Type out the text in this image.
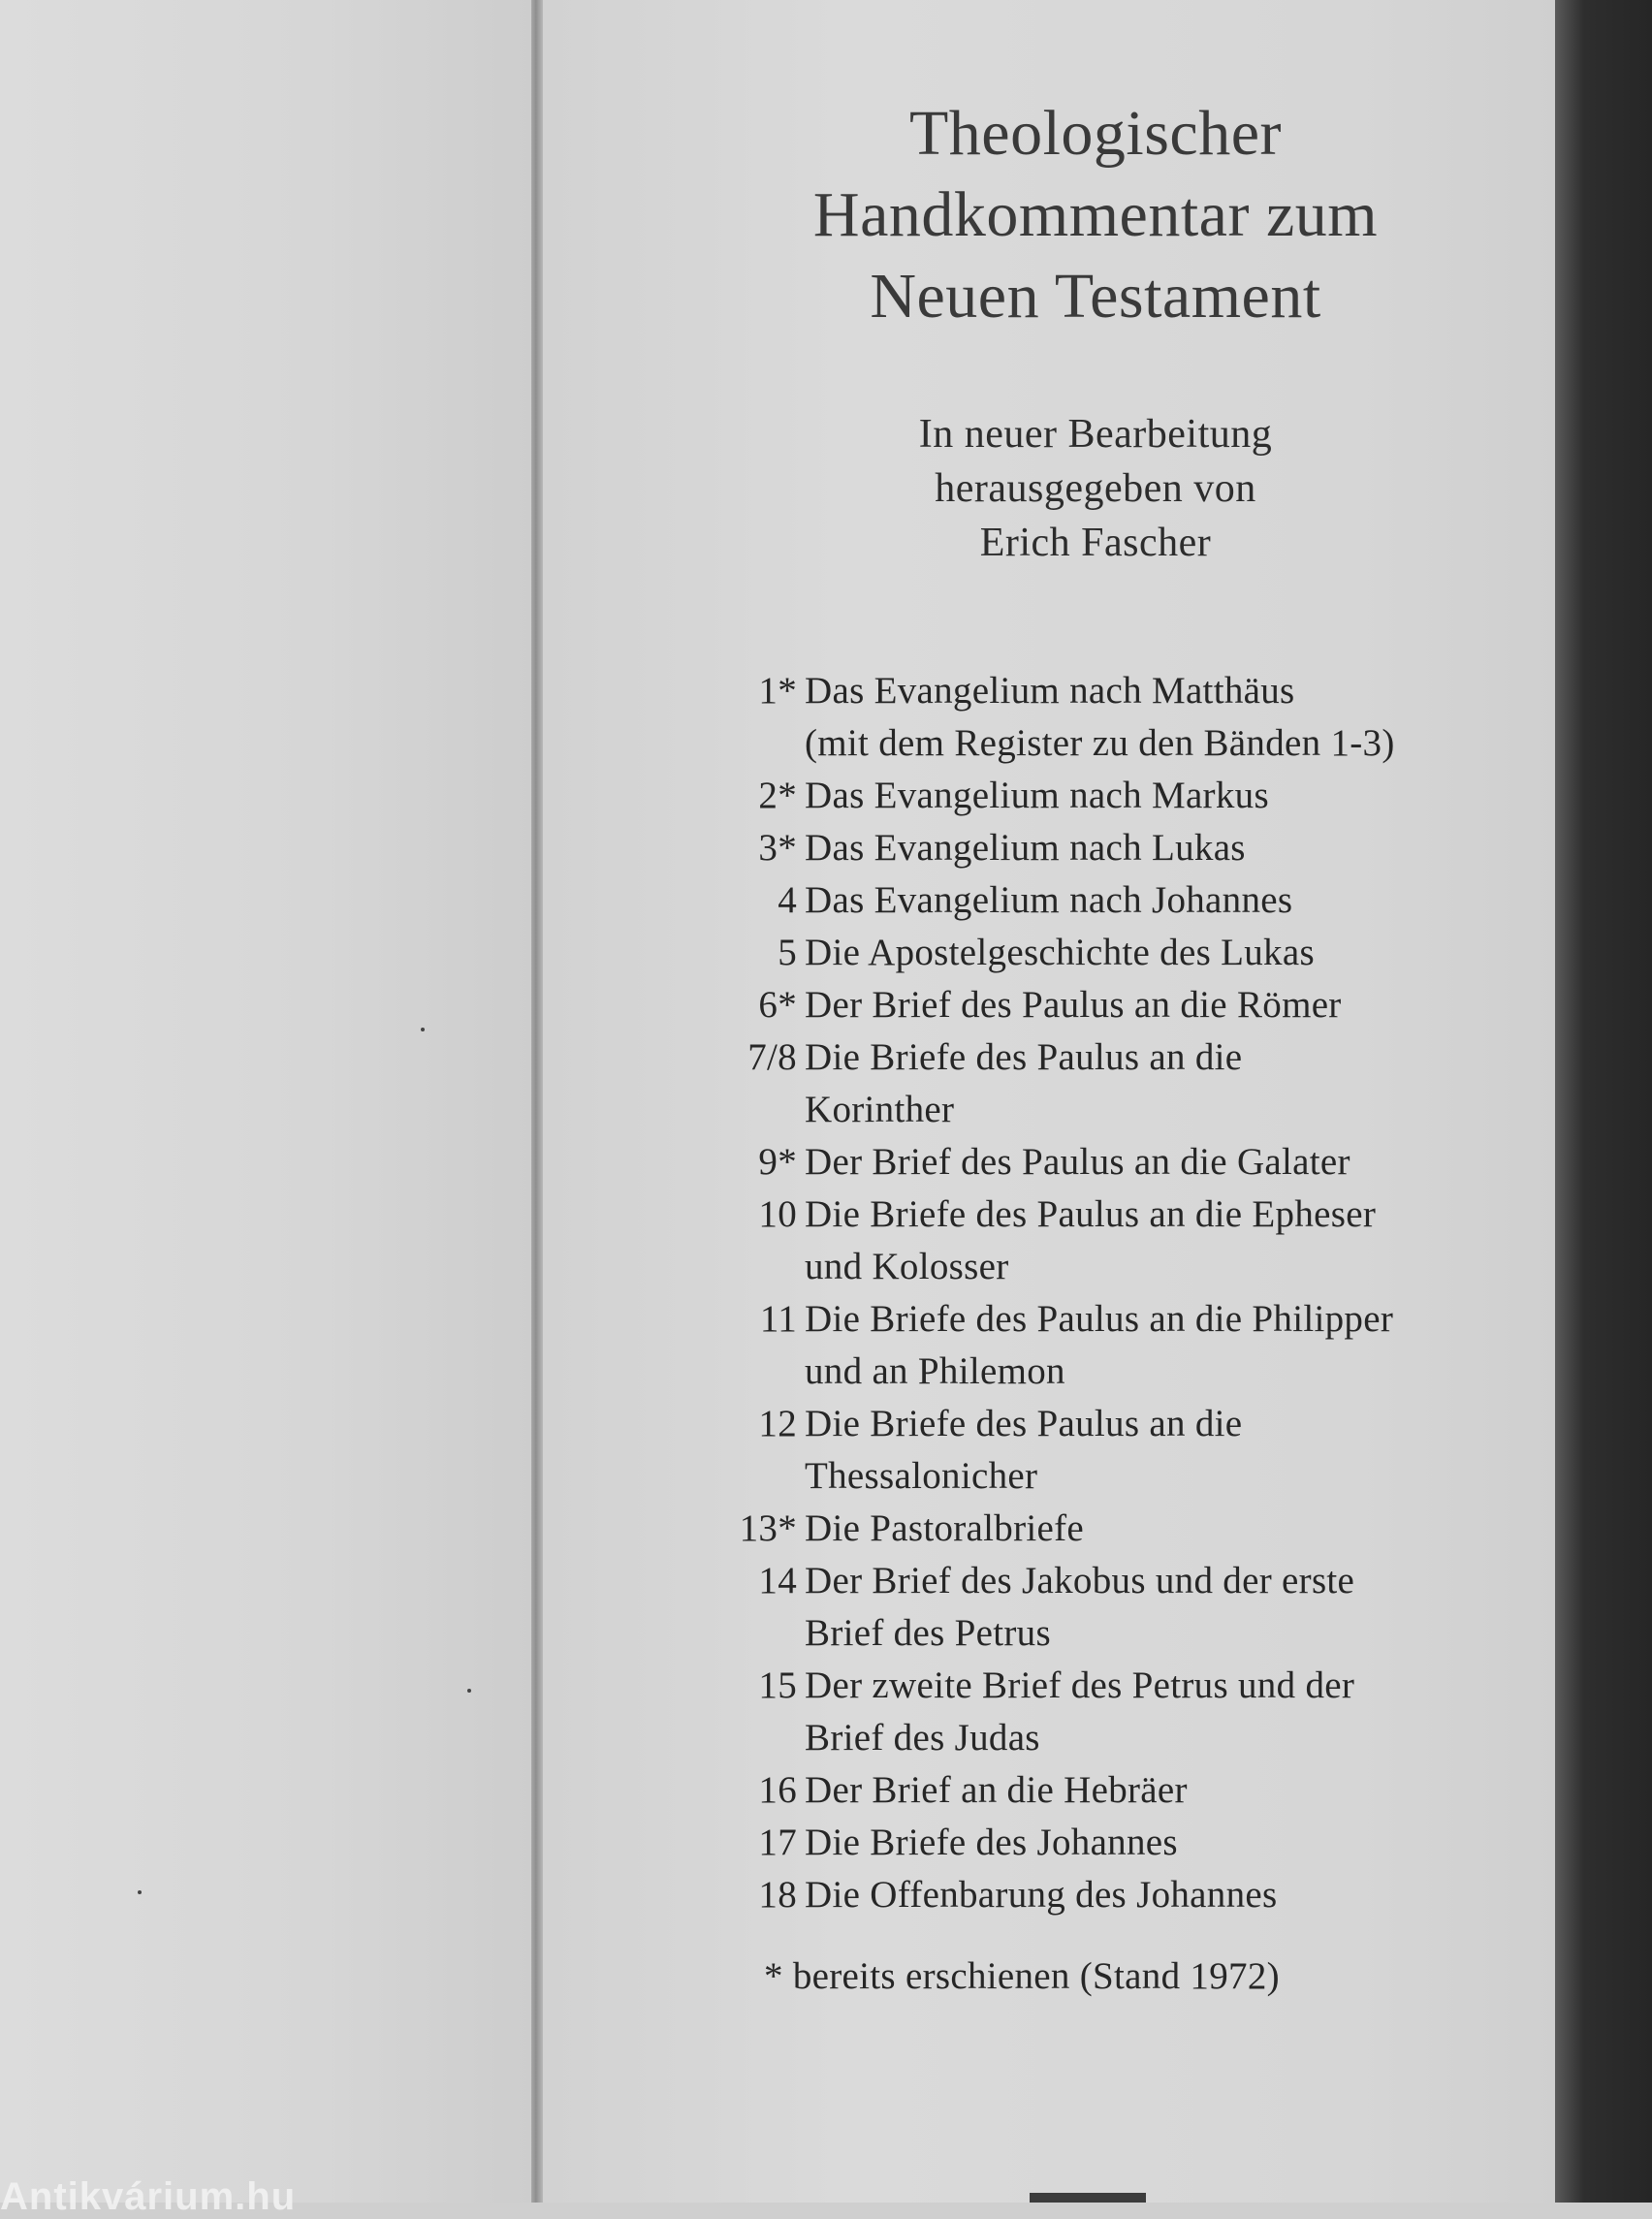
Theologischer
Handkommentar zum
Neuen Testament
In neuer Bearbeitung
herausgegeben von
Erich Fascher
1* Das Evangelium nach Matthäus
(mit dem Register zu den Bänden 1-3)
2* Das Evangelium nach Markus
3* Das Evangelium nach Lukas
4 Das Evangelium nach Johannes
5 Die Apostelgeschichte des Lukas
6* Der Brief des Paulus an die Römer
7/8 Die Briefe des Paulus an die
Korinther
9* Der Brief des Paulus an die Galater
10 Die Briefe des Paulus an die Epheser
und Kolosser
11 Die Briefe des Paulus an die Philipper
und an Philemon
12 Die Briefe des Paulus an die
Thessalonicher
13* Die Pastoralbriefe
14 Der Brief des Jakobus und der erste
Brief des Petrus
15 Der zweite Brief des Petrus und der
Brief des Judas
16 Der Brief an die Hebräer
17 Die Briefe des Johannes
18 Die Offenbarung des Johannes
* bereits erschienen (Stand 1972)
Antikvárium.hu
